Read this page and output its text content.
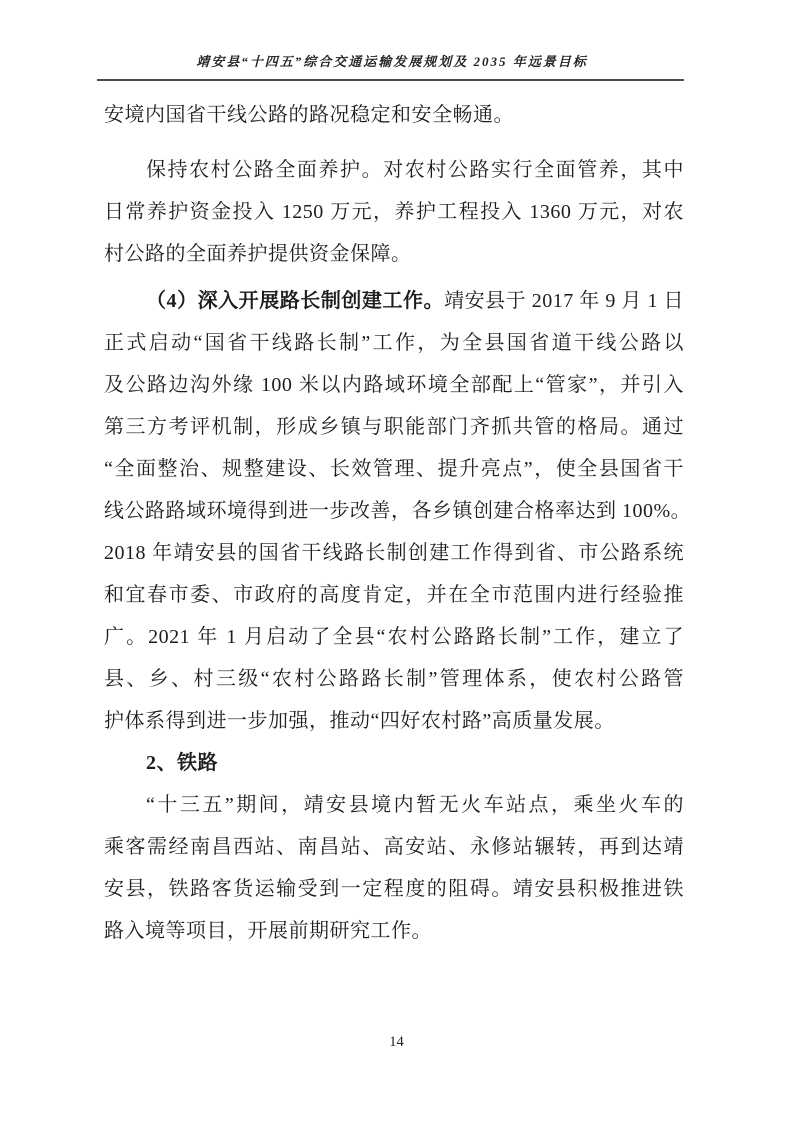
靖安县“十四五”综合交通运输发展规划及 2035 年远景目标
安境内国省干线公路的路况稳定和安全畅通。
保持农村公路全面养护。对农村公路实行全面管养，其中
日常养护资金投入 1250 万元，养护工程投入 1360 万元，对农
村公路的全面养护提供资金保障。
（4）深入开展路长制创建工作。靖安县于 2017 年 9 月 1 日
正式启动“国省干线路长制”工作，为全县国省道干线公路以
及公路边沟外缘 100 米以内路域环境全部配上“管家”，并引入
第三方考评机制，形成乡镇与职能部门齐抓共管的格局。通过
“全面整治、规整建设、长效管理、提升亮点”，使全县国省干
线公路路域环境得到进一步改善，各乡镇创建合格率达到 100%。
2018 年靖安县的国省干线路长制创建工作得到省、市公路系统
和宜春市委、市政府的高度肯定，并在全市范围内进行经验推
广。2021 年 1 月启动了全县“农村公路路长制”工作，建立了
县、乡、村三级“农村公路路长制”管理体系，使农村公路管
护体系得到进一步加强，推动“四好农村路”高质量发展。
2、铁路
“十三五”期间，靖安县境内暂无火车站点，乘坐火车的
乘客需经南昌西站、南昌站、高安站、永修站辗转，再到达靖
安县，铁路客货运输受到一定程度的阻碍。靖安县积极推进铁
路入境等项目，开展前期研究工作。
14
